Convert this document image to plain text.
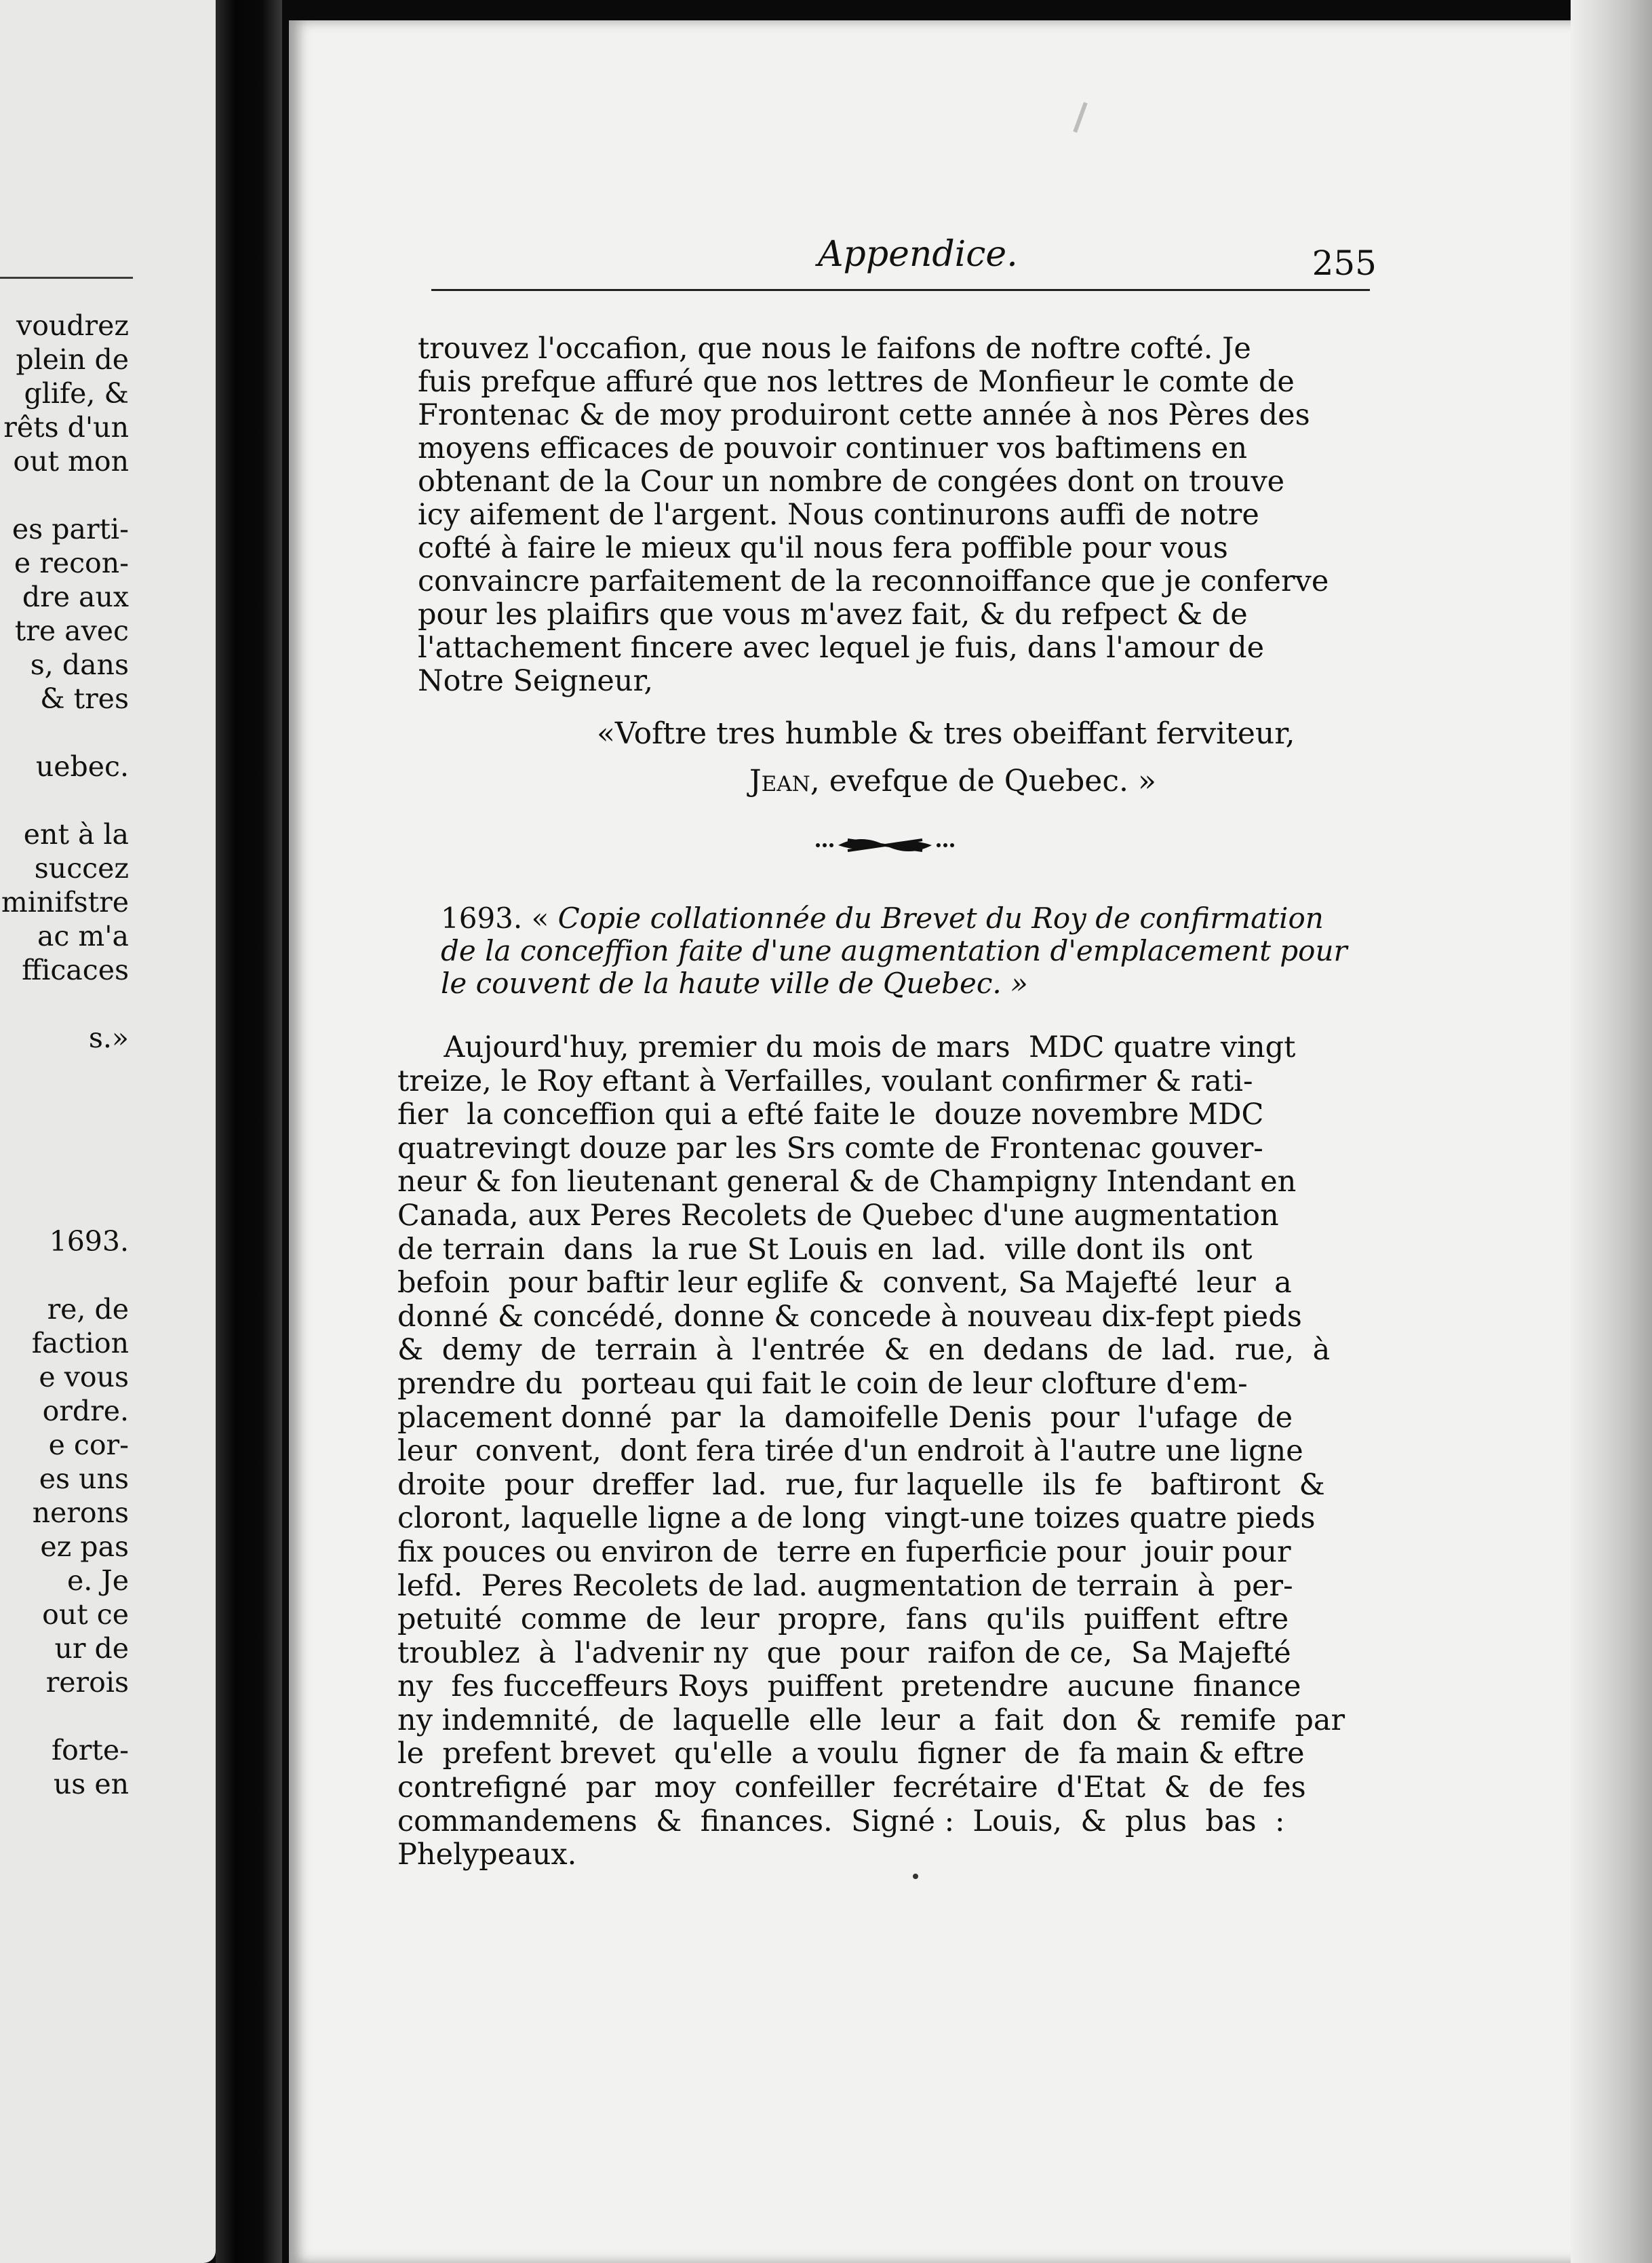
voudrez
plein de
glife, &
rêts d'un
out mon
es parti-
e recon-
dre aux
tre avec
s, dans
& tres
uebec.
ent à la
succez
minifstre
ac m'a
fficaces
s.»
1693.
re, de
faction
e vous
ordre.
e cor-
es uns
nerons
ez pas
e. Je
out ce
ur de
rerois
forte-
us en
Appendice.	255
trouvez l'occafion, que nous le faifons de noftre cofté. Je
fuis prefque affuré que nos lettres de Monfieur le comte de
Frontenac & de moy produiront cette année à nos Pères des
moyens efficaces de pouvoir continuer vos baftimens en
obtenant de la Cour un nombre de congées dont on trouve
icy aifement de l'argent. Nous continurons auffi de notre
cofté à faire le mieux qu'il nous fera poffible pour vous
convaincre parfaitement de la reconnoiffance que je conferve
pour les plaifirs que vous m'avez fait, & du refpect & de
l'attachement fincere avec lequel je fuis, dans l'amour de
Notre Seigneur,
«Voftre tres humble & tres obeiffant ferviteur,
Jean, evefque de Quebec. »
1693. « Copie collationnée du Brevet du Roy de confirmation
de la conceffion faite d'une augmentation d'emplacement pour
le couvent de la haute ville de Quebec. »
Aujourd'huy, premier du mois de mars  MDC quatre vingt
treize, le Roy eftant à Verfailles, voulant confirmer & rati-
fier  la conceffion qui a efté faite le  douze novembre MDC
quatrevingt douze par les Srs comte de Frontenac gouver-
neur & fon lieutenant general & de Champigny Intendant en
Canada, aux Peres Recolets de Quebec d'une augmentation
de terrain  dans  la rue St Louis en  lad.  ville dont ils  ont
befoin  pour baftir leur eglife &  convent, Sa Majefté  leur  a
donné & concédé, donne & concede à nouveau dix-fept pieds
&  demy  de  terrain  à  l'entrée  &  en  dedans  de  lad.  rue,  à
prendre du  porteau qui fait le coin de leur clofture d'em-
placement donné  par  la  damoifelle Denis  pour  l'ufage  de
leur  convent,  dont fera tirée d'un endroit à l'autre une ligne
droite  pour  dreffer  lad.  rue, fur laquelle  ils  fe   baftiront  &
cloront, laquelle ligne a de long  vingt-une toizes quatre pieds
fix pouces ou environ de  terre en fuperficie pour  jouir pour
lefd.  Peres Recolets de lad. augmentation de terrain  à  per-
petuité  comme  de  leur  propre,  fans  qu'ils  puiffent  eftre
troublez  à  l'advenir ny  que  pour  raifon de ce,  Sa Majefté
ny  fes fucceffeurs Roys  puiffent  pretendre  aucune  finance
ny indemnité,  de  laquelle  elle  leur  a  fait  don  &  remife  par
le  prefent brevet  qu'elle  a voulu  figner  de  fa main & eftre
contrefigné  par  moy  confeiller  fecrétaire  d'Etat  &  de  fes
commandemens  &  finances.  Signé :  Louis,  &  plus  bas  :
Phelypeaux.
